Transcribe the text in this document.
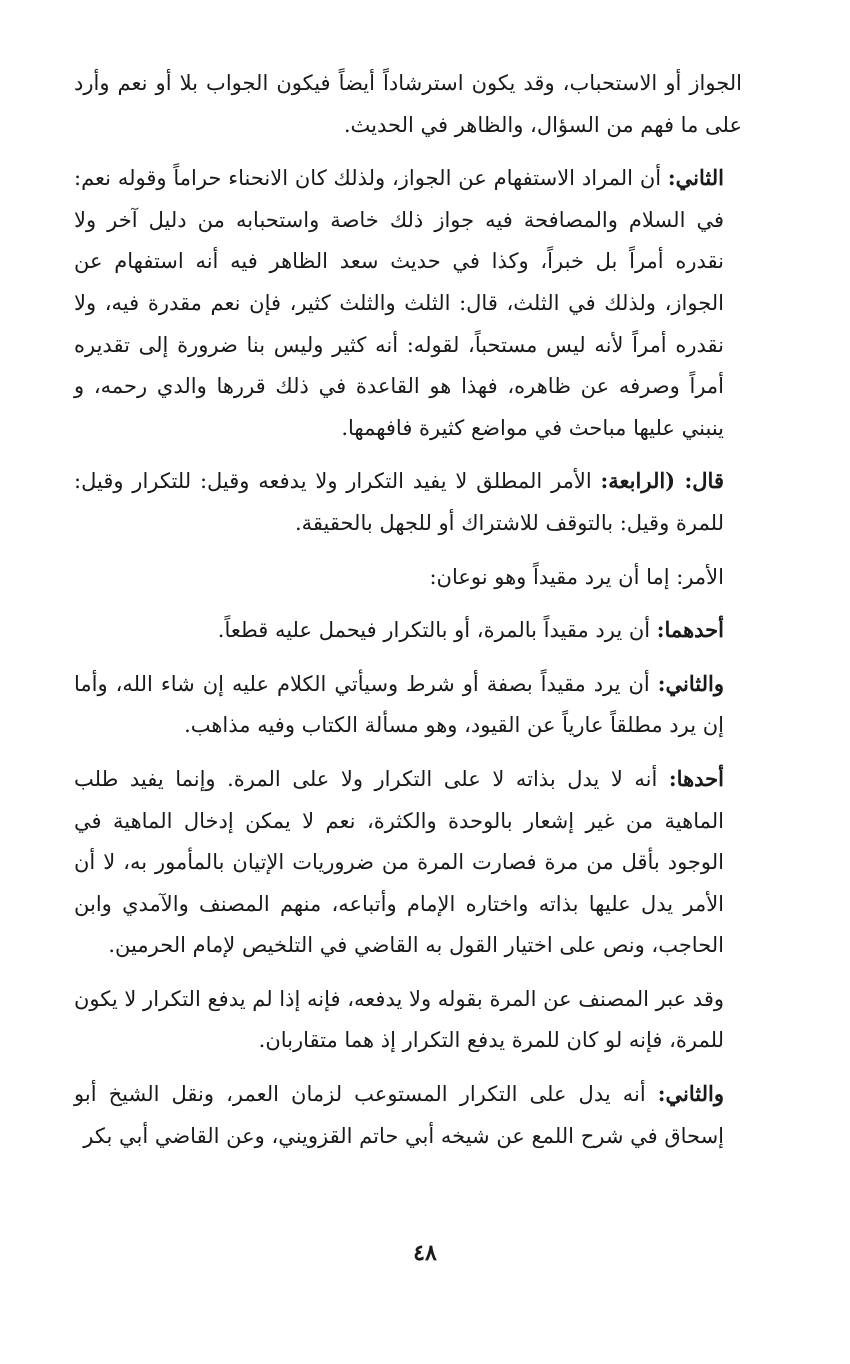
الجواز أو الاستحباب، وقد يكون استرشاداً أيضاً فيكون الجواب بلا أو نعم وأرد على ما فهم من السؤال، والظاهر في الحديث.

الثاني: أن المراد الاستفهام عن الجواز، ولذلك كان الانحناء حراماً وقوله نعم: في السلام والمصافحة فيه جواز ذلك خاصة واستحبابه من دليل آخر ولا نقدره أمراً بل خبراً، وكذا في حديث سعد الظاهر فيه أنه استفهام عن الجواز، ولذلك في الثلث، قال: الثلث والثلث كثير، فإن نعم مقدرة فيه، ولا نقدره أمراً لأنه ليس مستحباً، لقوله: أنه كثير وليس بنا ضرورة إلى تقديره أمراً وصرفه عن ظاهره، فهذا هو القاعدة في ذلك قررها والدي رحمه، و ينبني عليها مباحث في مواضع كثيرة فافهمها.

قال: (الرابعة: الأمر المطلق لا يفيد التكرار ولا يدفعه وقيل: للتكرار وقيل: للمرة وقيل: بالتوقف للاشتراك أو للجهل بالحقيقة.

الأمر: إما أن يرد مقيداً وهو نوعان:

أحدهما: أن يرد مقيداً بالمرة، أو بالتكرار فيحمل عليه قطعاً.

والثاني: أن يرد مقيداً بصفة أو شرط وسيأتي الكلام عليه إن شاء الله، وأما إن يرد مطلقاً عارياً عن القيود، وهو مسألة الكتاب وفيه مذاهب.

أحدها: أنه لا يدل بذاته لا على التكرار ولا على المرة. وإنما يفيد طلب الماهية من غير إشعار بالوحدة والكثرة، نعم لا يمكن إدخال الماهية في الوجود بأقل من مرة فصارت المرة من ضروريات الإتيان بالمأمور به، لا أن الأمر يدل عليها بذاته واختاره الإمام وأتباعه، منهم المصنف والآمدي وابن الحاجب، ونص على اختيار القول به القاضي في التلخيص لإمام الحرمين.

وقد عبر المصنف عن المرة بقوله ولا يدفعه، فإنه إذا لم يدفع التكرار لا يكون للمرة، فإنه لو كان للمرة يدفع التكرار إذ هما متقاربان.

والثاني: أنه يدل على التكرار المستوعب لزمان العمر، ونقل الشيخ أبو إسحاق في شرح اللمع عن شيخه أبي حاتم القزويني، وعن القاضي أبي بكر

٤٨
